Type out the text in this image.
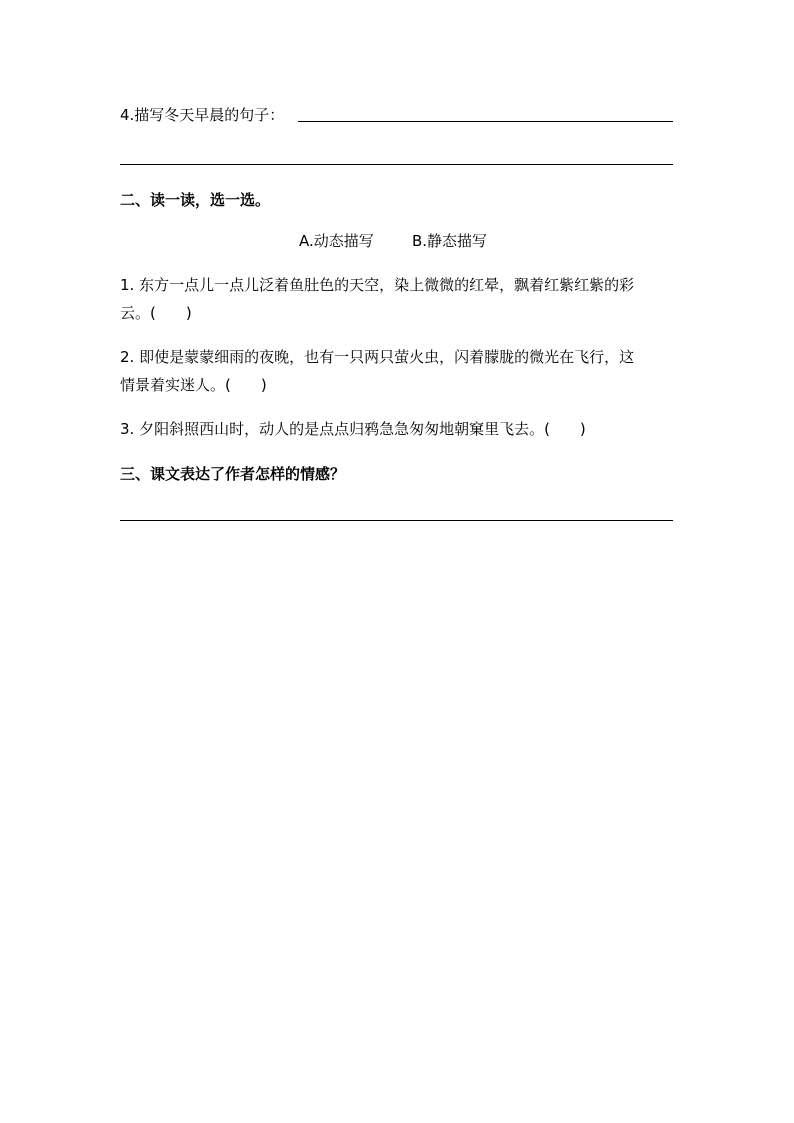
4.描写冬天早晨的句子：
二、读一读，选一选。
A.动态描写	B.静态描写
1. 东方一点儿一点儿泛着鱼肚色的天空，染上微微的红晕，飘着红紫红紫的彩
云。(　　)
2. 即使是蒙蒙细雨的夜晚，也有一只两只萤火虫，闪着朦胧的微光在飞行，这
情景着实迷人。(　　)
3. 夕阳斜照西山时，动人的是点点归鸦急急匆匆地朝窠里飞去。(　　)
三、课文表达了作者怎样的情感？
